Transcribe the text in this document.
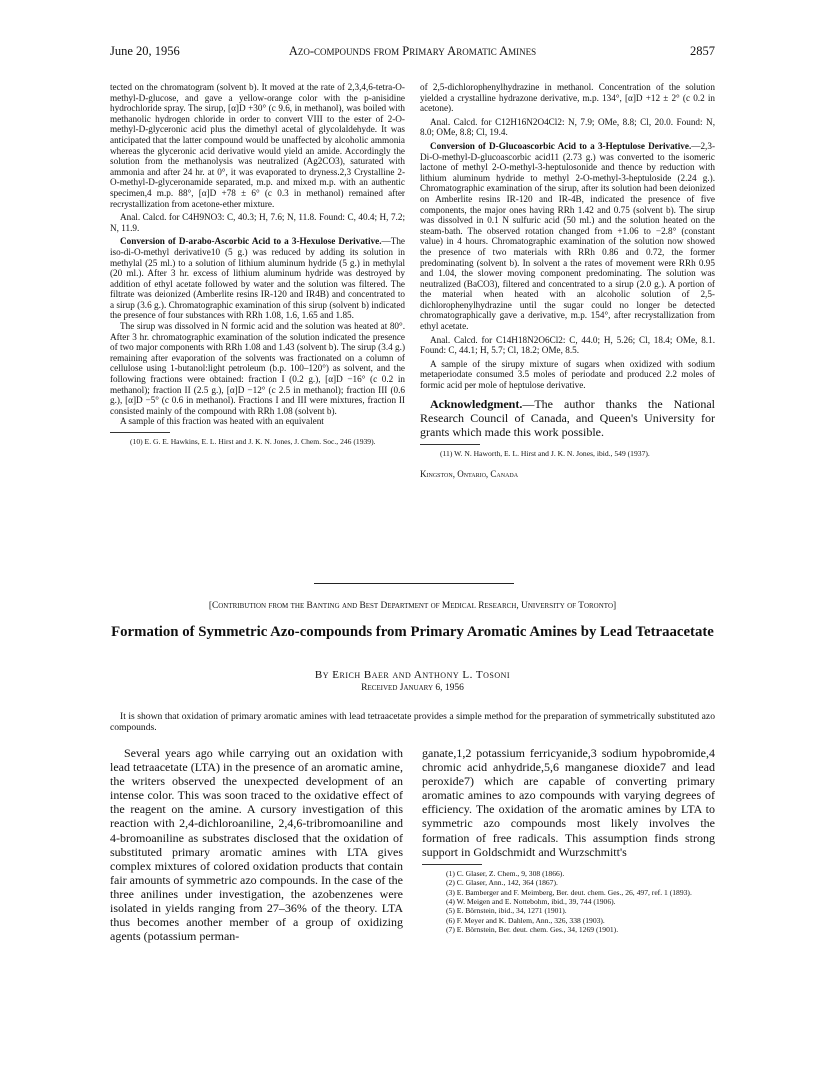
June 20, 1956	Azo-compounds from Primary Aromatic Amines	2857

tected on the chromatogram (solvent b). It moved at the rate of 2,3,4,6-tetra-O-methyl-D-glucose, and gave a yellow-orange color with the p-anisidine hydrochloride spray. The sirup, [α]D +30° (c 9.6, in methanol), was boiled with methanolic hydrogen chloride in order to convert VIII to the ester of 2-O-methyl-D-glyceronic acid plus the dimethyl acetal of glycolaldehyde. It was anticipated that the latter compound would be unaffected by alcoholic ammonia whereas the glyceronic acid derivative would yield an amide. Accordingly the solution from the methanolysis was neutralized (Ag2CO3), saturated with ammonia and after 24 hr. at 0°, it was evaporated to dryness.2,3 Crystalline 2-O-methyl-D-glyceronamide separated, m.p. and mixed m.p. with an authentic specimen,4 m.p. 88°, [α]D +78 ± 6° (c 0.3 in methanol) remained after recrystallization from acetone-ether mixture.

Anal. Calcd. for C4H9NO3: C, 40.3; H, 7.6; N, 11.8. Found: C, 40.4; H, 7.2; N, 11.9.

Conversion of D-arabo-Ascorbic Acid to a 3-Hexulose Derivative.—The iso-di-O-methyl derivative10 (5 g.) was reduced by adding its solution in methylal (25 ml.) to a solution of lithium aluminum hydride (5 g.) in methylal (20 ml.). After 3 hr. excess of lithium aluminum hydride was destroyed by addition of ethyl acetate followed by water and the solution was filtered. The filtrate was deionized (Amberlite resins IR-120 and IR4B) and concentrated to a sirup (3.6 g.). Chromatographic examination of this sirup (solvent b) indicated the presence of four substances with RRh 1.08, 1.6, 1.65 and 1.85.

The sirup was dissolved in N formic acid and the solution was heated at 80°. After 3 hr. chromatographic examination of the solution indicated the presence of two major components with RRh 1.08 and 1.43 (solvent b). The sirup (3.4 g.) remaining after evaporation of the solvents was fractionated on a column of cellulose using 1-butanol:light petroleum (b.p. 100–120°) as solvent, and the following fractions were obtained: fraction I (0.2 g.), [α]D −16° (c 0.2 in methanol); fraction II (2.5 g.), [α]D −12° (c 2.5 in methanol); fraction III (0.6 g.), [α]D −5° (c 0.6 in methanol). Fractions I and III were mixtures, fraction II consisted mainly of the compound with RRh 1.08 (solvent b).

A sample of this fraction was heated with an equivalent

(10) E. G. E. Hawkins, E. L. Hirst and J. K. N. Jones, J. Chem. Soc., 246 (1939).

of 2,5-dichlorophenylhydrazine in methanol. Concentration of the solution yielded a crystalline hydrazone derivative, m.p. 134°, [α]D +12 ± 2° (c 0.2 in acetone).

Anal. Calcd. for C12H16N2O4Cl2: N, 7.9; OMe, 8.8; Cl, 20.0. Found: N, 8.0; OMe, 8.8; Cl, 19.4.

Conversion of D-Glucoascorbic Acid to a 3-Heptulose Derivative.—2,3-Di-O-methyl-D-glucoascorbic acid11 (2.73 g.) was converted to the isomeric lactone of methyl 2-O-methyl-3-heptulosonide and thence by reduction with lithium aluminum hydride to methyl 2-O-methyl-3-heptuloside (2.24 g.). Chromatographic examination of the sirup, after its solution had been deionized on Amberlite resins IR-120 and IR-4B, indicated the presence of five components, the major ones having RRh 1.42 and 0.75 (solvent b). The sirup was dissolved in 0.1 N sulfuric acid (50 ml.) and the solution heated on the steam-bath. The observed rotation changed from +1.06 to −2.8° (constant value) in 4 hours. Chromatographic examination of the solution now showed the presence of two materials with RRh 0.86 and 0.72, the former predominating (solvent b). In solvent a the rates of movement were RRh 0.95 and 1.04, the slower moving component predominating. The solution was neutralized (BaCO3), filtered and concentrated to a sirup (2.0 g.). A portion of the material when heated with an alcoholic solution of 2,5-dichlorophenylhydrazine until the sugar could no longer be detected chromatographically gave a derivative, m.p. 154°, after recrystallization from ethyl acetate.

Anal. Calcd. for C14H18N2O6Cl2: C, 44.0; H, 5.26; Cl, 18.4; OMe, 8.1. Found: C, 44.1; H, 5.7; Cl, 18.2; OMe, 8.5.

A sample of the sirupy mixture of sugars when oxidized with sodium metaperiodate consumed 3.5 moles of periodate and produced 2.2 moles of formic acid per mole of heptulose derivative.

Acknowledgment.—The author thanks the National Research Council of Canada, and Queen's University for grants which made this work possible.

(11) W. N. Haworth, E. L. Hirst and J. K. N. Jones, ibid., 549 (1937).

Kingston, Ontario, Canada
[Contribution from the Banting and Best Department of Medical Research, University of Toronto]
Formation of Symmetric Azo-compounds from Primary Aromatic Amines by Lead Tetraacetate
By Erich Baer and Anthony L. Tosoni
Received January 6, 1956
It is shown that oxidation of primary aromatic amines with lead tetraacetate provides a simple method for the preparation of symmetrically substituted azo compounds.

Several years ago while carrying out an oxidation with lead tetraacetate (LTA) in the presence of an aromatic amine, the writers observed the unexpected development of an intense color. This was soon traced to the oxidative effect of the reagent on the amine. A cursory investigation of this reaction with 2,4-dichloroaniline, 2,4,6-tribromoaniline and 4-bromoaniline as substrates disclosed that the oxidation of substituted primary aromatic amines with LTA gives complex mixtures of colored oxidation products that contain fair amounts of symmetric azo compounds. In the case of the three anilines under investigation, the azobenzenes were isolated in yields ranging from 27–36% of the theory. LTA thus becomes another member of a group of oxidizing agents (potassium perman-

ganate,1,2 potassium ferricyanide,3 sodium hypobromide,4 chromic acid anhydride,5,6 manganese dioxide7 and lead peroxide7) which are capable of converting primary aromatic amines to azo compounds with varying degrees of efficiency. The oxidation of the aromatic amines by LTA to symmetric azo compounds most likely involves the formation of free radicals. This assumption finds strong support in Goldschmidt and Wurzschmitt's

(1) C. Glaser, Z. Chem., 9, 308 (1866).

(2) C. Glaser, Ann., 142, 364 (1867).

(3) E. Bamberger and F. Meimberg, Ber. deut. chem. Ges., 26, 497, ref. 1 (1893).

(4) W. Meigen and E. Nottebohm, ibid., 39, 744 (1906).

(5) E. Börnstein, ibid., 34, 1271 (1901).

(6) F. Meyer and K. Dahlem, Ann., 326, 338 (1903).

(7) E. Börnstein, Ber. deut. chem. Ges., 34, 1269 (1901).
